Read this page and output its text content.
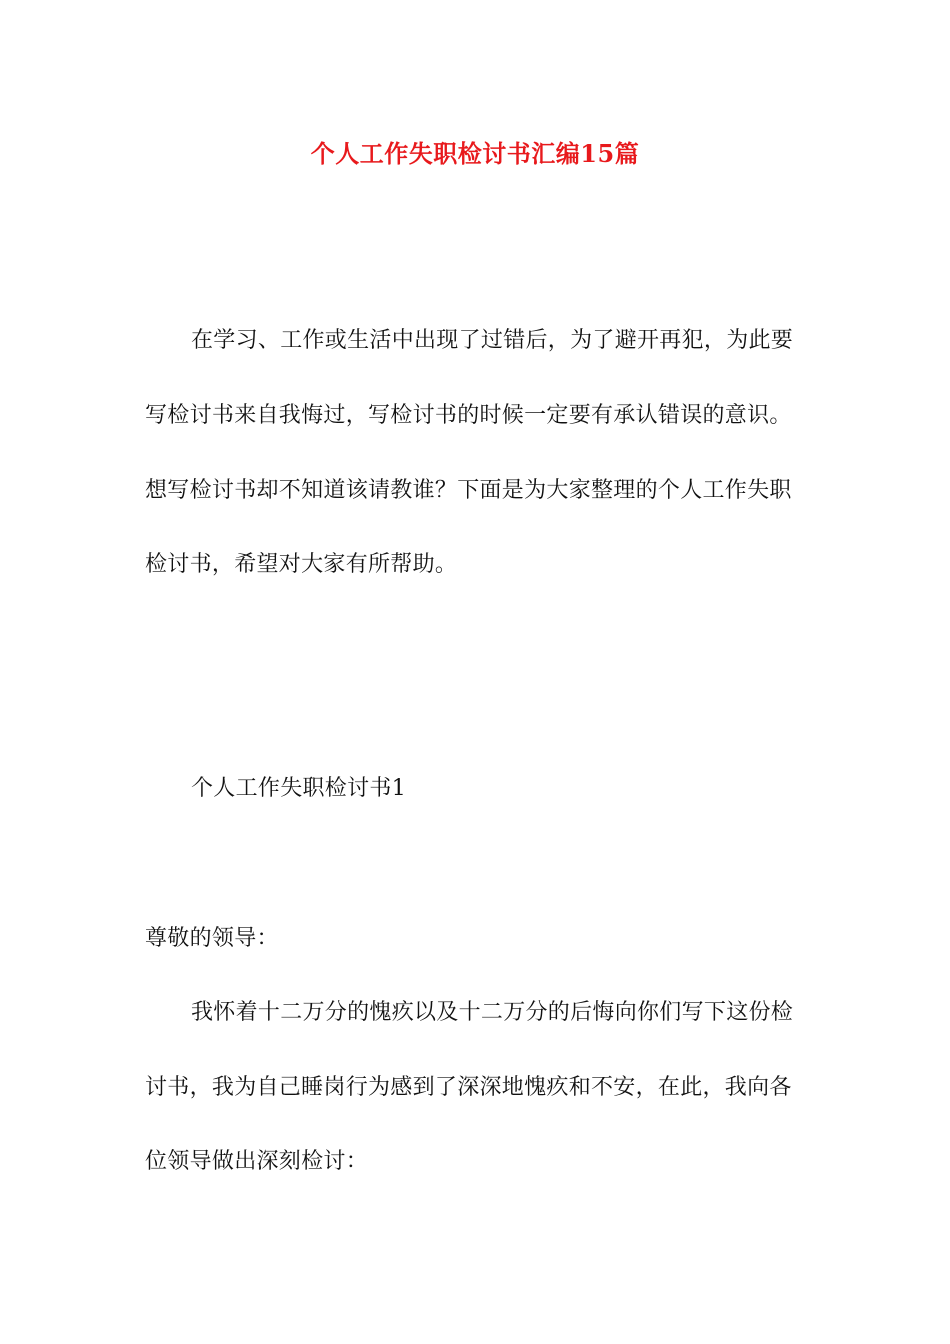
个人工作失职检讨书汇编15篇
在学习、工作或生活中出现了过错后，为了避开再犯，为此要
写检讨书来自我悔过，写检讨书的时候一定要有承认错误的意识。
想写检讨书却不知道该请教谁？下面是为大家整理的个人工作失职
检讨书，希望对大家有所帮助。
个人工作失职检讨书1
尊敬的领导：
我怀着十二万分的愧疚以及十二万分的后悔向你们写下这份检
讨书，我为自己睡岗行为感到了深深地愧疚和不安，在此，我向各
位领导做出深刻检讨：
